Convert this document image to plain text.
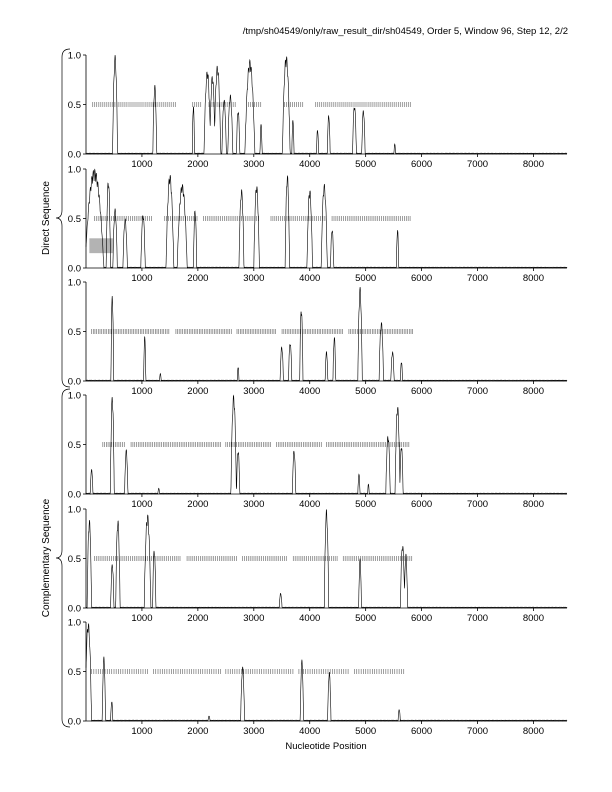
/tmp/sh04549/only/raw_result_dir/sh04549, Order 5, Window 96, Step 12, 2/2
0.0
0.5
1.0
1000	2000	3000	4000	5000	6000	7000	8000
0.0
0.5
1.0
1000	2000	3000	4000	5000	6000	7000	8000
0.0
0.5
1.0
1000	2000	3000	4000	5000	6000	7000	8000
0.0
0.5
1.0
1000	2000	3000	4000	5000	6000	7000	8000
0.0
0.5
1.0
1000	2000	3000	4000	5000	6000	7000	8000
0.0
0.5
1.0
1000	2000	3000	4000	5000	6000	7000	8000
Direct Sequence
Complementary Sequence
Nucleotide Position
